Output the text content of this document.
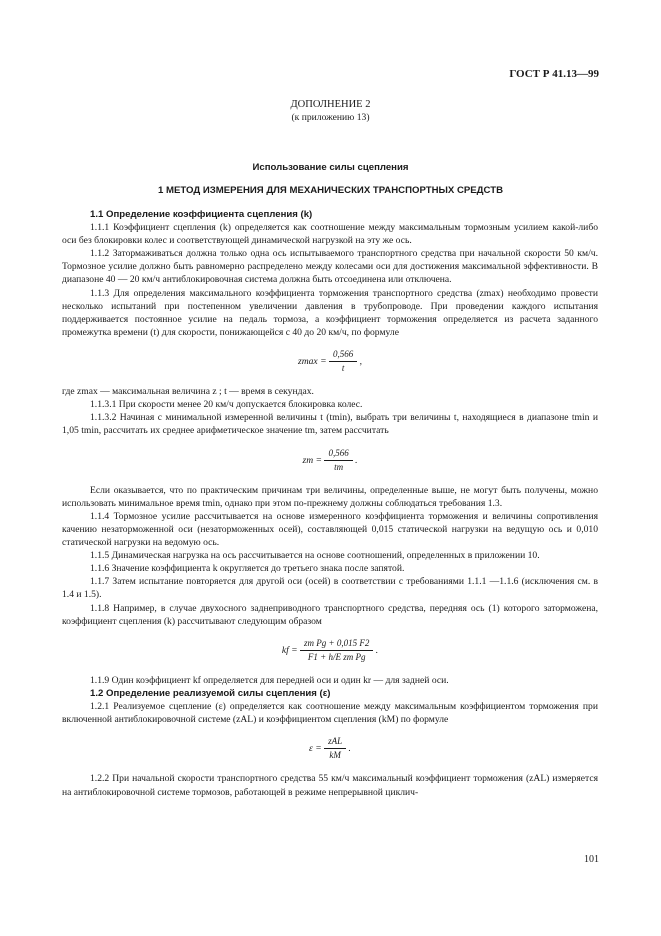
ГОСТ Р 41.13—99
ДОПОЛНЕНИЕ 2
(к приложению 13)
Использование силы сцепления
1 МЕТОД ИЗМЕРЕНИЯ ДЛЯ МЕХАНИЧЕСКИХ ТРАНСПОРТНЫХ СРЕДСТВ

1.1 Определение коэффициента сцепления (k)

1.1.1 Коэффициент сцепления (k) определяется как соотношение между максимальным тормозным усилием какой-либо оси без блокировки колес и соответствующей динамической нагрузкой на эту же ось.

1.1.2 Затормаживаться должна только одна ось испытываемого транспортного средства при начальной скорости 50 км/ч. Тормозное усилие должно быть равномерно распределено между колесами оси для достижения максимальной эффективности. В диапазоне 40 — 20 км/ч антиблокировочная система должна быть отсоединена или отключена.

1.1.3 Для определения максимального коэффициента торможения транспортного средства (zmax) необходимо провести несколько испытаний при постепенном увеличении давления в трубопроводе. При проведении каждого испытания поддерживается постоянное усилие на педаль тормоза, а коэффициент торможения определяется из расчета заданного промежутка времени (t) для скорости, понижающейся с 40 до 20 км/ч, по формуле

$zmax = \frac{0,566}{t}$ ,

где zmax — максимальная величина z ; t — время в секундах.

1.1.3.1 При скорости менее 20 км/ч допускается блокировка колес.

1.1.3.2 Начиная с минимальной измеренной величины t (tmin), выбрать три величины t, находящиеся в диапазоне tmin и 1,05 tmin, рассчитать их среднее арифметическое значение tm, затем рассчитать

zm = $\frac{0,566}{tm}$ .

Если оказывается, что по практическим причинам три величины, определенные выше, не могут быть получены, можно использовать минимальное время tmin, однако при этом по-прежнему должны соблюдаться требования 1.3.

1.1.4 Тормозное усилие рассчитывается на основе измеренного коэффициента торможения и величины сопротивления качению незаторможенной оси (незаторможенных осей), составляющей 0,015 статической нагрузки на ведущую ось и 0,010 статической нагрузки на ведомую ось.

1.1.5 Динамическая нагрузка на ось рассчитывается на основе соотношений, определенных в приложении 10.

1.1.6 Значение коэффициента k округляется до третьего знака после запятой.

1.1.7 Затем испытание повторяется для другой оси (осей) в соответствии с требованиями 1.1.1 —1.1.6 (исключения см. в 1.4 и 1.5).

1.1.8 Например, в случае двухосного заднеприводного транспортного средства, передняя ось (1) которого заторможена, коэффициент сцепления (k) рассчитывают следующим образом

kf = $\frac{\text{zm Pg + 0,015 F2}}{\text{F1 + h/E zm Pg}}$ .

1.1.9 Один коэффициент kf определяется для передней оси и один kr — для задней оси.

1.2 Определение реализуемой силы сцепления (ε)

1.2.1 Реализуемое сцепление (ε) определяется как соотношение между максимальным коэффициентом торможения при включенной антиблокировочной системе (zAL) и коэффициентом сцепления (kM) по формуле

$\varepsilon = \frac{\text{zAL}}{kM}$ .

1.2.2 При начальной скорости транспортного средства 55 км/ч максимальный коэффициент торможения (zAL) измеряется на антиблокировочной системе тормозов, работающей в режиме непрерывной циклич-

101
